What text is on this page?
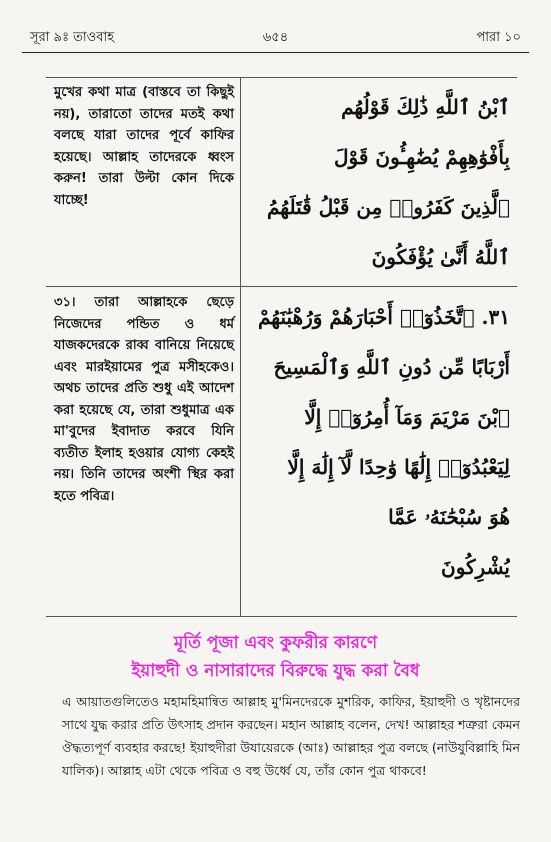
সূরা ৯ঃ তাওবাহ	৬৫৪	পারা ১০
মুখের কথা মাত্র (বাস্তবে তা কিছুই নয়), তারাতো তাদের মতই কথা বলছে যারা তাদের পূর্বে কাফির হয়েছে। আল্লাহ তাদেরকে ধ্বংস করুন! তারা উল্টা কোন দিকে যাচ্ছে!
ٱبْنُ ٱللَّهِ ذَٰلِكَ قَوْلُهُم
بِأَفْوَٰهِهِمْ يُضَٰهِـُٔونَ قَوْلَ
ٱلَّذِينَ كَفَرُوا۟ مِن قَبْلُ قَٰتَلَهُمُ
ٱللَّهُ أَنَّىٰ يُؤْفَكُونَ
৩১। তারা আল্লাহকে ছেড়ে নিজেদের পন্ডিত ও ধর্ম যাজকদেরকে রাব্ব বানিয়ে নিয়েছে এবং মারইয়ামের পুত্র মসীহকেও। অথচ তাদের প্রতি শুধু এই আদেশ করা হয়েছে যে, তারা শুধুমাত্র এক মা'বুদের ইবাদাত করবে যিনি ব্যতীত ইলাহ হওয়ার যোগ্য কেহই নয়। তিনি তাদের অংশী স্থির করা হতে পবিত্র।
٣١. ٱتَّخَذُوٓا۟ أَحْبَارَهُمْ وَرُهْبَٰنَهُمْ
أَرْبَابًا مِّن دُونِ ٱللَّهِ وَٱلْمَسِيحَ
ٱبْنَ مَرْيَمَ وَمَآ أُمِرُوٓا۟ إِلَّا
لِيَعْبُدُوٓا۟ إِلَٰهًا وَٰحِدًا لَّآ إِلَٰهَ إِلَّا
هُوَ سُبْحَٰنَهُۥ عَمَّا
يُشْرِكُونَ
মূর্তি পূজা এবং কুফরীর কারণে
ইয়াহুদী ও নাসারাদের বিরুদ্ধে যুদ্ধ করা বৈধ
এ আয়াতগুলিতেও মহামহিমান্বিত আল্লাহ মু'মিনদেরকে মুশরিক, কাফির, ইয়াহুদী ও খৃষ্টানদের সাথে যুদ্ধ করার প্রতি উৎসাহ প্রদান করছেন। মহান আল্লাহ বলেন, দেখ! আল্লাহর শত্রুরা কেমন ঔদ্ধত্যপূর্ণ ব্যবহার করছে! ইয়াহুদীরা উযায়েরকে (আঃ) আল্লাহর পুত্র বলছে (নাউযুবিল্লাহি মিন যালিক)। আল্লাহ এটা থেকে পবিত্র ও বহু উর্ধ্বে যে, তাঁর কোন পুত্র থাকবে!
